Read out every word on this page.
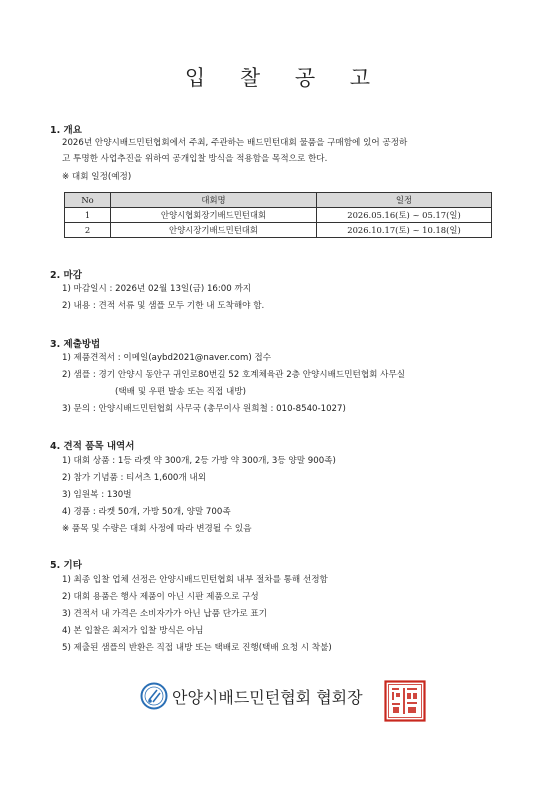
입 찰 공 고
1. 개요
2026년 안양시배드민턴협회에서 주최, 주관하는 배드민턴대회 물품을 구매함에 있어 공정하
고 투명한 사업추진을 위하여 공개입찰 방식을 적용함을 목적으로 한다.
※ 대회 일정(예정)
No	대회명	일정
1	안양시협회장기배드민턴대회	2026.05.16(토) ~ 05.17(일)
2	안양시장기배드민턴대회	2026.10.17(토) ~ 10.18(일)
2. 마감
1) 마감일시 : 2026년 02월 13일(금) 16:00 까지
2) 내용 : 견적 서류 및 샘플 모두 기한 내 도착해야 함.
3. 제출방법
1) 제품견적서 : 이메일(aybd2021@naver.com) 접수
2) 샘플 : 경기 안양시 동안구 귀인로80번길 52 호계체육관 2층 안양시배드민턴협회 사무실
(택배 및 우편 발송 또는 직접 내방)
3) 문의 : 안양시배드민턴협회 사무국 (총무이사 원희철 : 010-8540-1027)
4. 견적 품목 내역서
1) 대회 상품 : 1등 라켓 약 300개, 2등 가방 약 300개, 3등 양말 900족)
2) 참가 기념품 : 티셔츠 1,600개 내외
3) 임원복 : 130벌
4) 경품 : 라켓 50개, 가방 50개, 양말 700족
※ 품목 및 수량은 대회 사정에 따라 변경될 수 있음
5. 기타
1) 최종 입찰 업체 선정은 안양시배드민턴협회 내부 절차를 통해 선정함
2) 대회 용품은 행사 제품이 아닌 시판 제품으로 구성
3) 견적서 내 가격은 소비자가가 아닌 납품 단가로 표기
4) 본 입찰은 최저가 입찰 방식은 아님
5) 제출된 샘플의 반환은 직접 내방 또는 택배로 진행(택배 요청 시 착불)
안양시배드민턴협회 협회장
